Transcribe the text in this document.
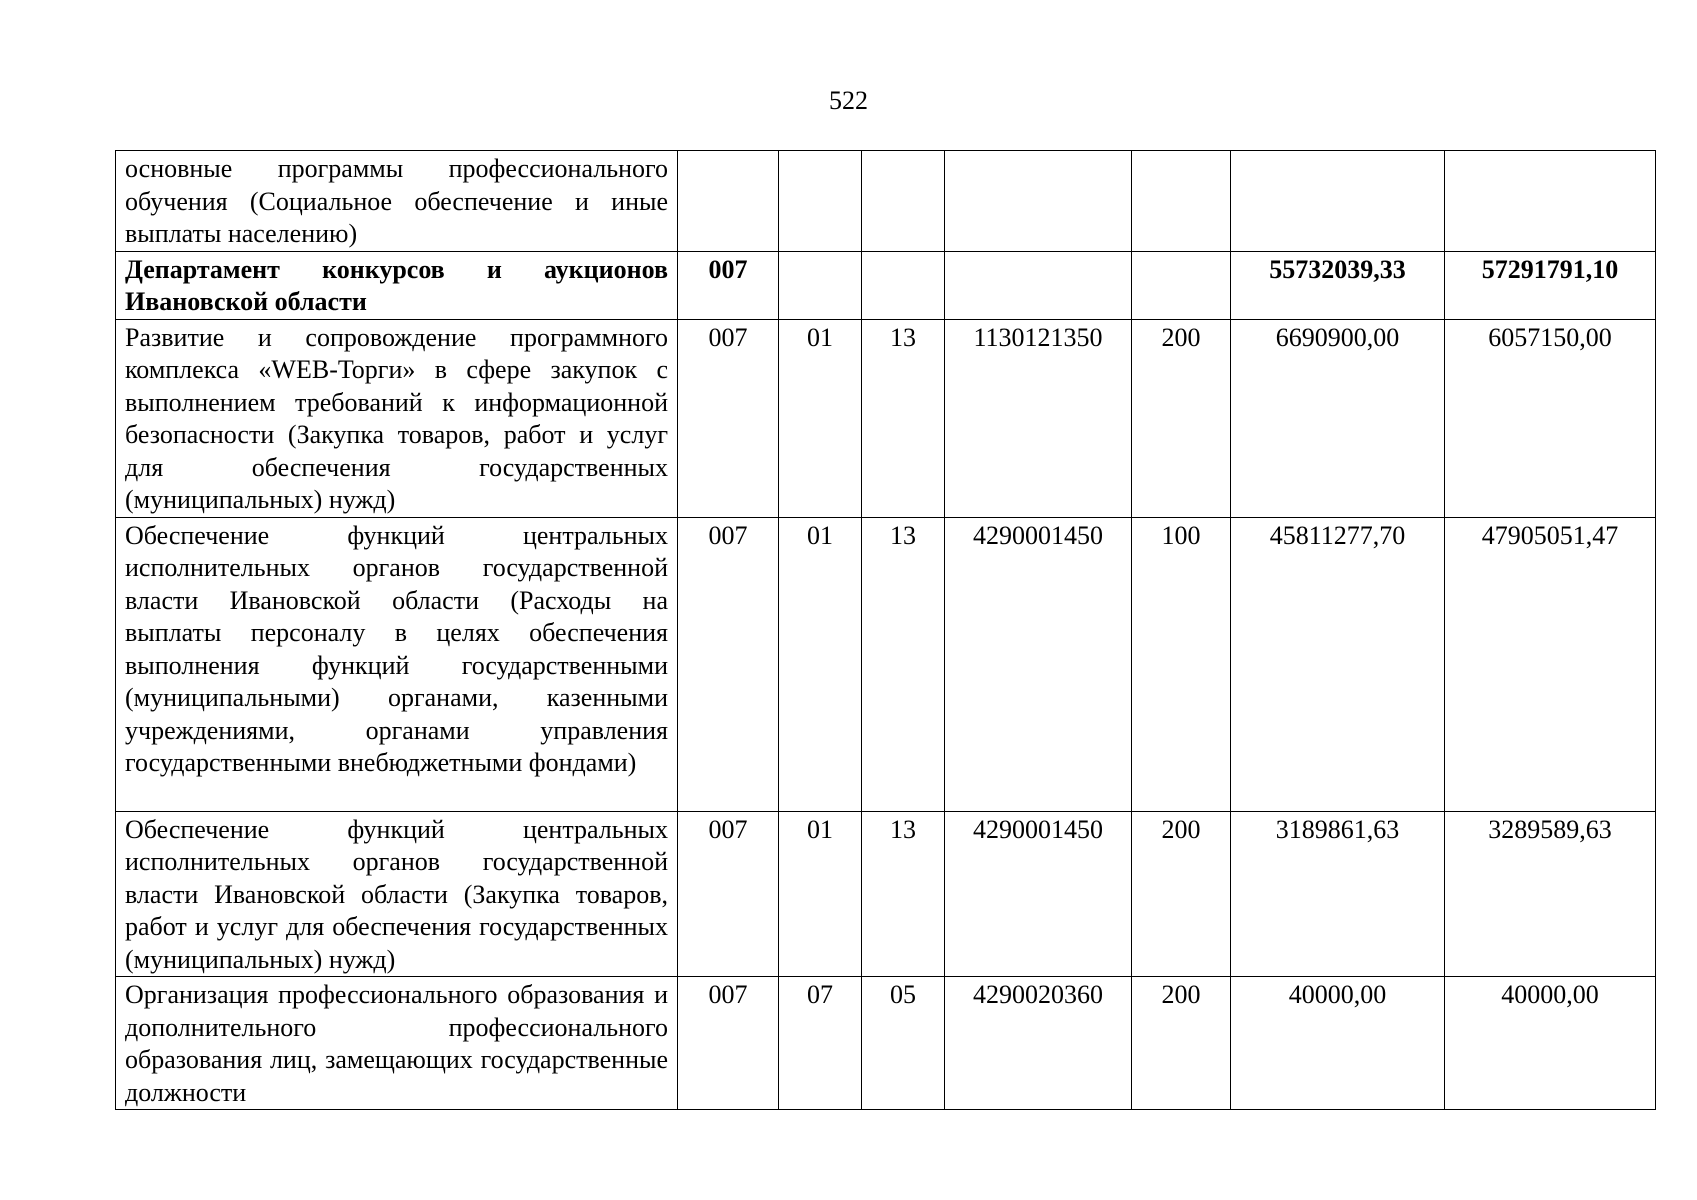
522
основные программы профессионального обучения (Социальное обеспечение и иные выплаты населению)							
Департамент конкурсов и аукционов Ивановской области	007					55732039,33	57291791,10
Развитие и сопровождение программного комплекса «WEB-Торги» в сфере закупок с выполнением требований к информационной безопасности (Закупка товаров, работ и услуг для обеспечения государственных (муниципальных) нужд)	007	01	13	1130121350	200	6690900,00	6057150,00
Обеспечение функций центральных исполнительных органов государственной власти Ивановской области (Расходы на выплаты персоналу в целях обеспечения выполнения функций государственными (муниципальными) органами, казенными учреждениями, органами управления государственными внебюджетными фондами)	007	01	13	4290001450	100	45811277,70	47905051,47
Обеспечение функций центральных исполнительных органов государственной власти Ивановской области (Закупка товаров, работ и услуг для обеспечения государственных (муниципальных) нужд)	007	01	13	4290001450	200	3189861,63	3289589,63
Организация профессионального образования и дополнительного профессионального образования лиц, замещающих государственные должности	007	07	05	4290020360	200	40000,00	40000,00
